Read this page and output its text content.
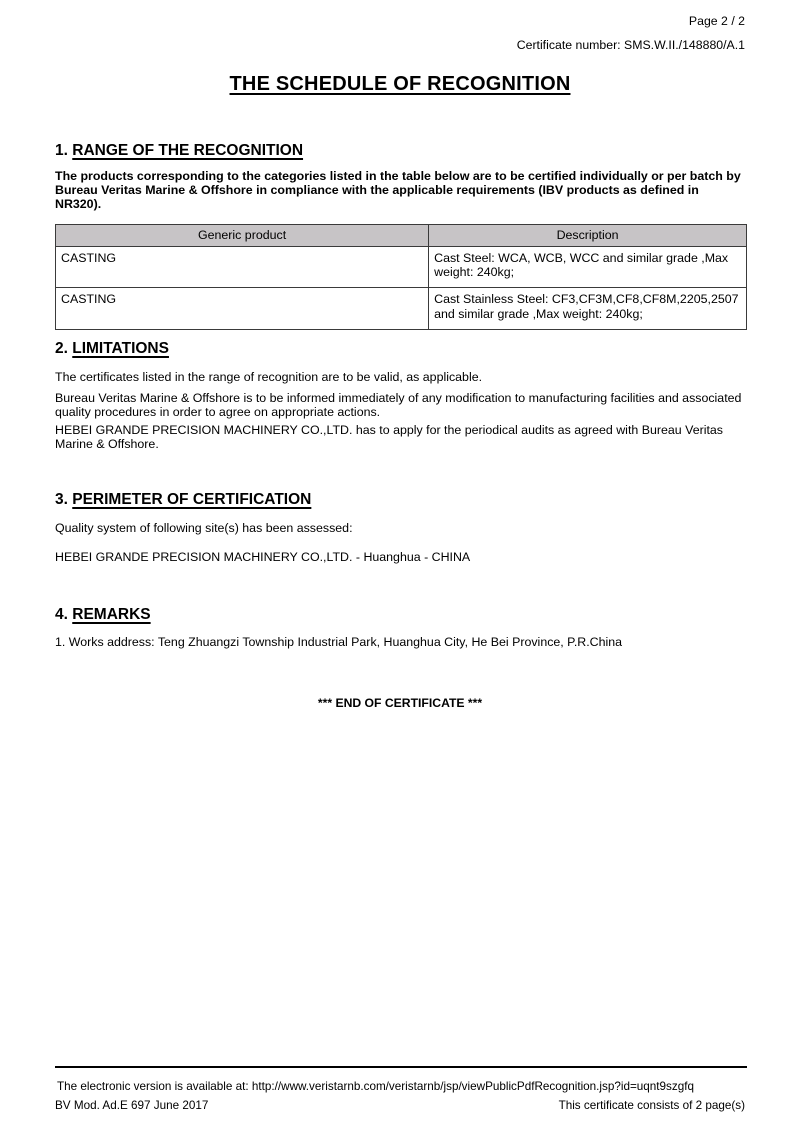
Page 2 / 2
Certificate number: SMS.W.II./148880/A.1
THE SCHEDULE OF RECOGNITION
1. RANGE OF THE RECOGNITION
The products corresponding to the categories listed in the table below are to be certified individually or per batch by Bureau Veritas Marine & Offshore in compliance with the applicable requirements (IBV products as defined in NR320).
Generic product	Description
CASTING	Cast Steel: WCA, WCB, WCC and similar grade ,Max weight: 240kg;
CASTING	Cast Stainless Steel: CF3,CF3M,CF8,CF8M,2205,2507 and similar grade ,Max weight: 240kg;
2. LIMITATIONS
The certificates listed in the range of recognition are to be valid, as applicable.
Bureau Veritas Marine & Offshore is to be informed immediately of any modification to manufacturing facilities and associated quality procedures in order to agree on appropriate actions.
HEBEI GRANDE PRECISION MACHINERY CO.,LTD. has to apply for the periodical audits as agreed with Bureau Veritas Marine & Offshore.
3. PERIMETER OF CERTIFICATION
Quality system of following site(s) has been assessed:
HEBEI GRANDE PRECISION MACHINERY CO.,LTD. - Huanghua - CHINA
4. REMARKS
1. Works address: Teng Zhuangzi Township Industrial Park, Huanghua City, He Bei Province, P.R.China
*** END OF CERTIFICATE ***
The electronic version is available at: http://www.veristarnb.com/veristarnb/jsp/viewPublicPdfRecognition.jsp?id=uqnt9szgfq
BV Mod. Ad.E 697 June 2017	This certificate consists of 2 page(s)
